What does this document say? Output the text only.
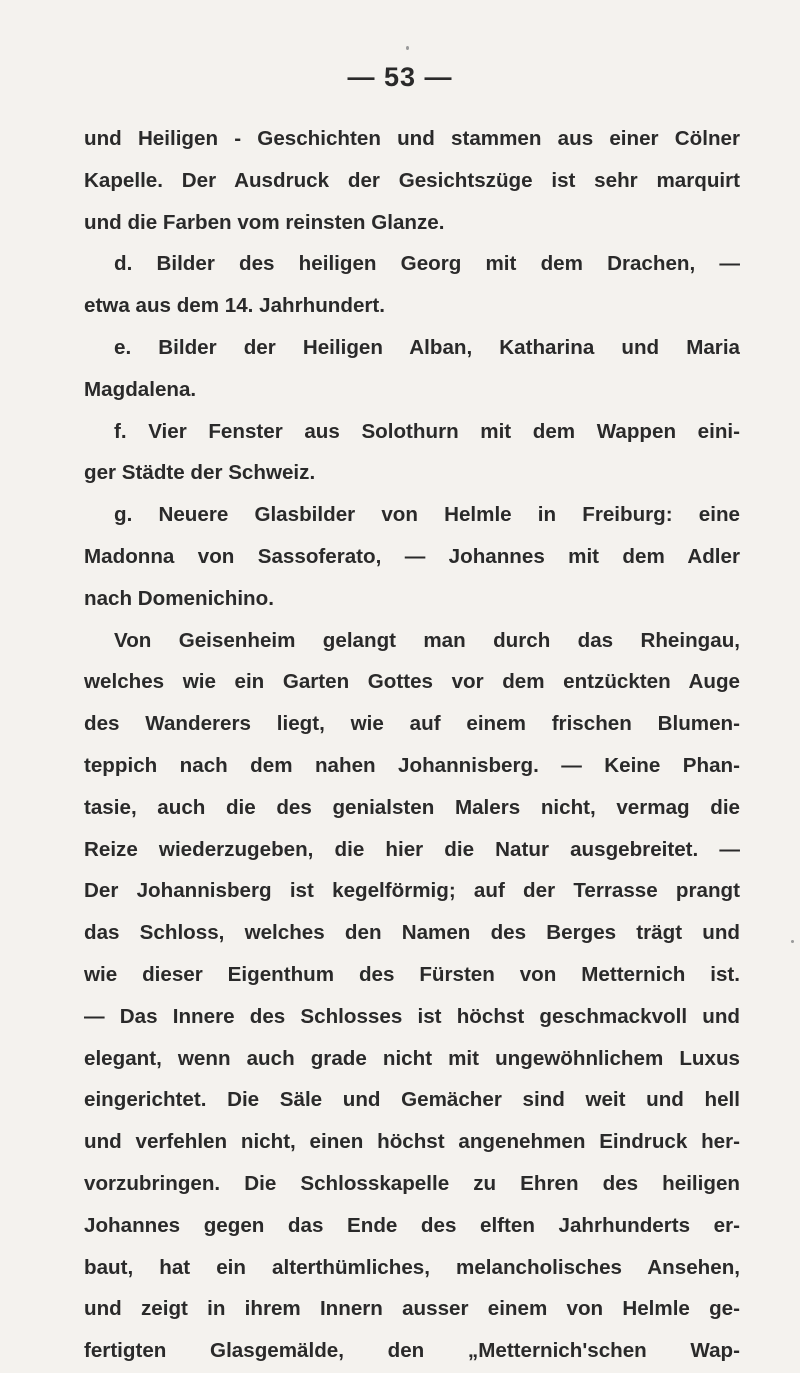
— 53 —
und Heiligen - Geschichten und stammen aus einer Cölner
Kapelle. Der Ausdruck der Gesichtszüge ist sehr marquirt
und die Farben vom reinsten Glanze.
d. Bilder des heiligen Georg mit dem Drachen, —
etwa aus dem 14. Jahrhundert.
e. Bilder der Heiligen Alban, Katharina und Maria
Magdalena.
f. Vier Fenster aus Solothurn mit dem Wappen eini-
ger Städte der Schweiz.
g. Neuere Glasbilder von Helmle in Freiburg: eine
Madonna von Sassoferato, — Johannes mit dem Adler
nach Domenichino.
Von Geisenheim gelangt man durch das Rheingau,
welches wie ein Garten Gottes vor dem entzückten Auge
des Wanderers liegt, wie auf einem frischen Blumen-
teppich nach dem nahen Johannisberg. — Keine Phan-
tasie, auch die des genialsten Malers nicht, vermag die
Reize wiederzugeben, die hier die Natur ausgebreitet. —
Der Johannisberg ist kegelförmig; auf der Terrasse prangt
das Schloss, welches den Namen des Berges trägt und
wie dieser Eigenthum des Fürsten von Metternich ist.
— Das Innere des Schlosses ist höchst geschmackvoll und
elegant, wenn auch grade nicht mit ungewöhnlichem Luxus
eingerichtet. Die Säle und Gemächer sind weit und hell
und verfehlen nicht, einen höchst angenehmen Eindruck her-
vorzubringen. Die Schlosskapelle zu Ehren des heiligen
Johannes gegen das Ende des elften Jahrhunderts er-
baut, hat ein alterthümliches, melancholisches Ansehen,
und zeigt in ihrem Innern ausser einem von Helmle ge-
fertigten Glasgemälde, den „Metternich'schen Wap-
